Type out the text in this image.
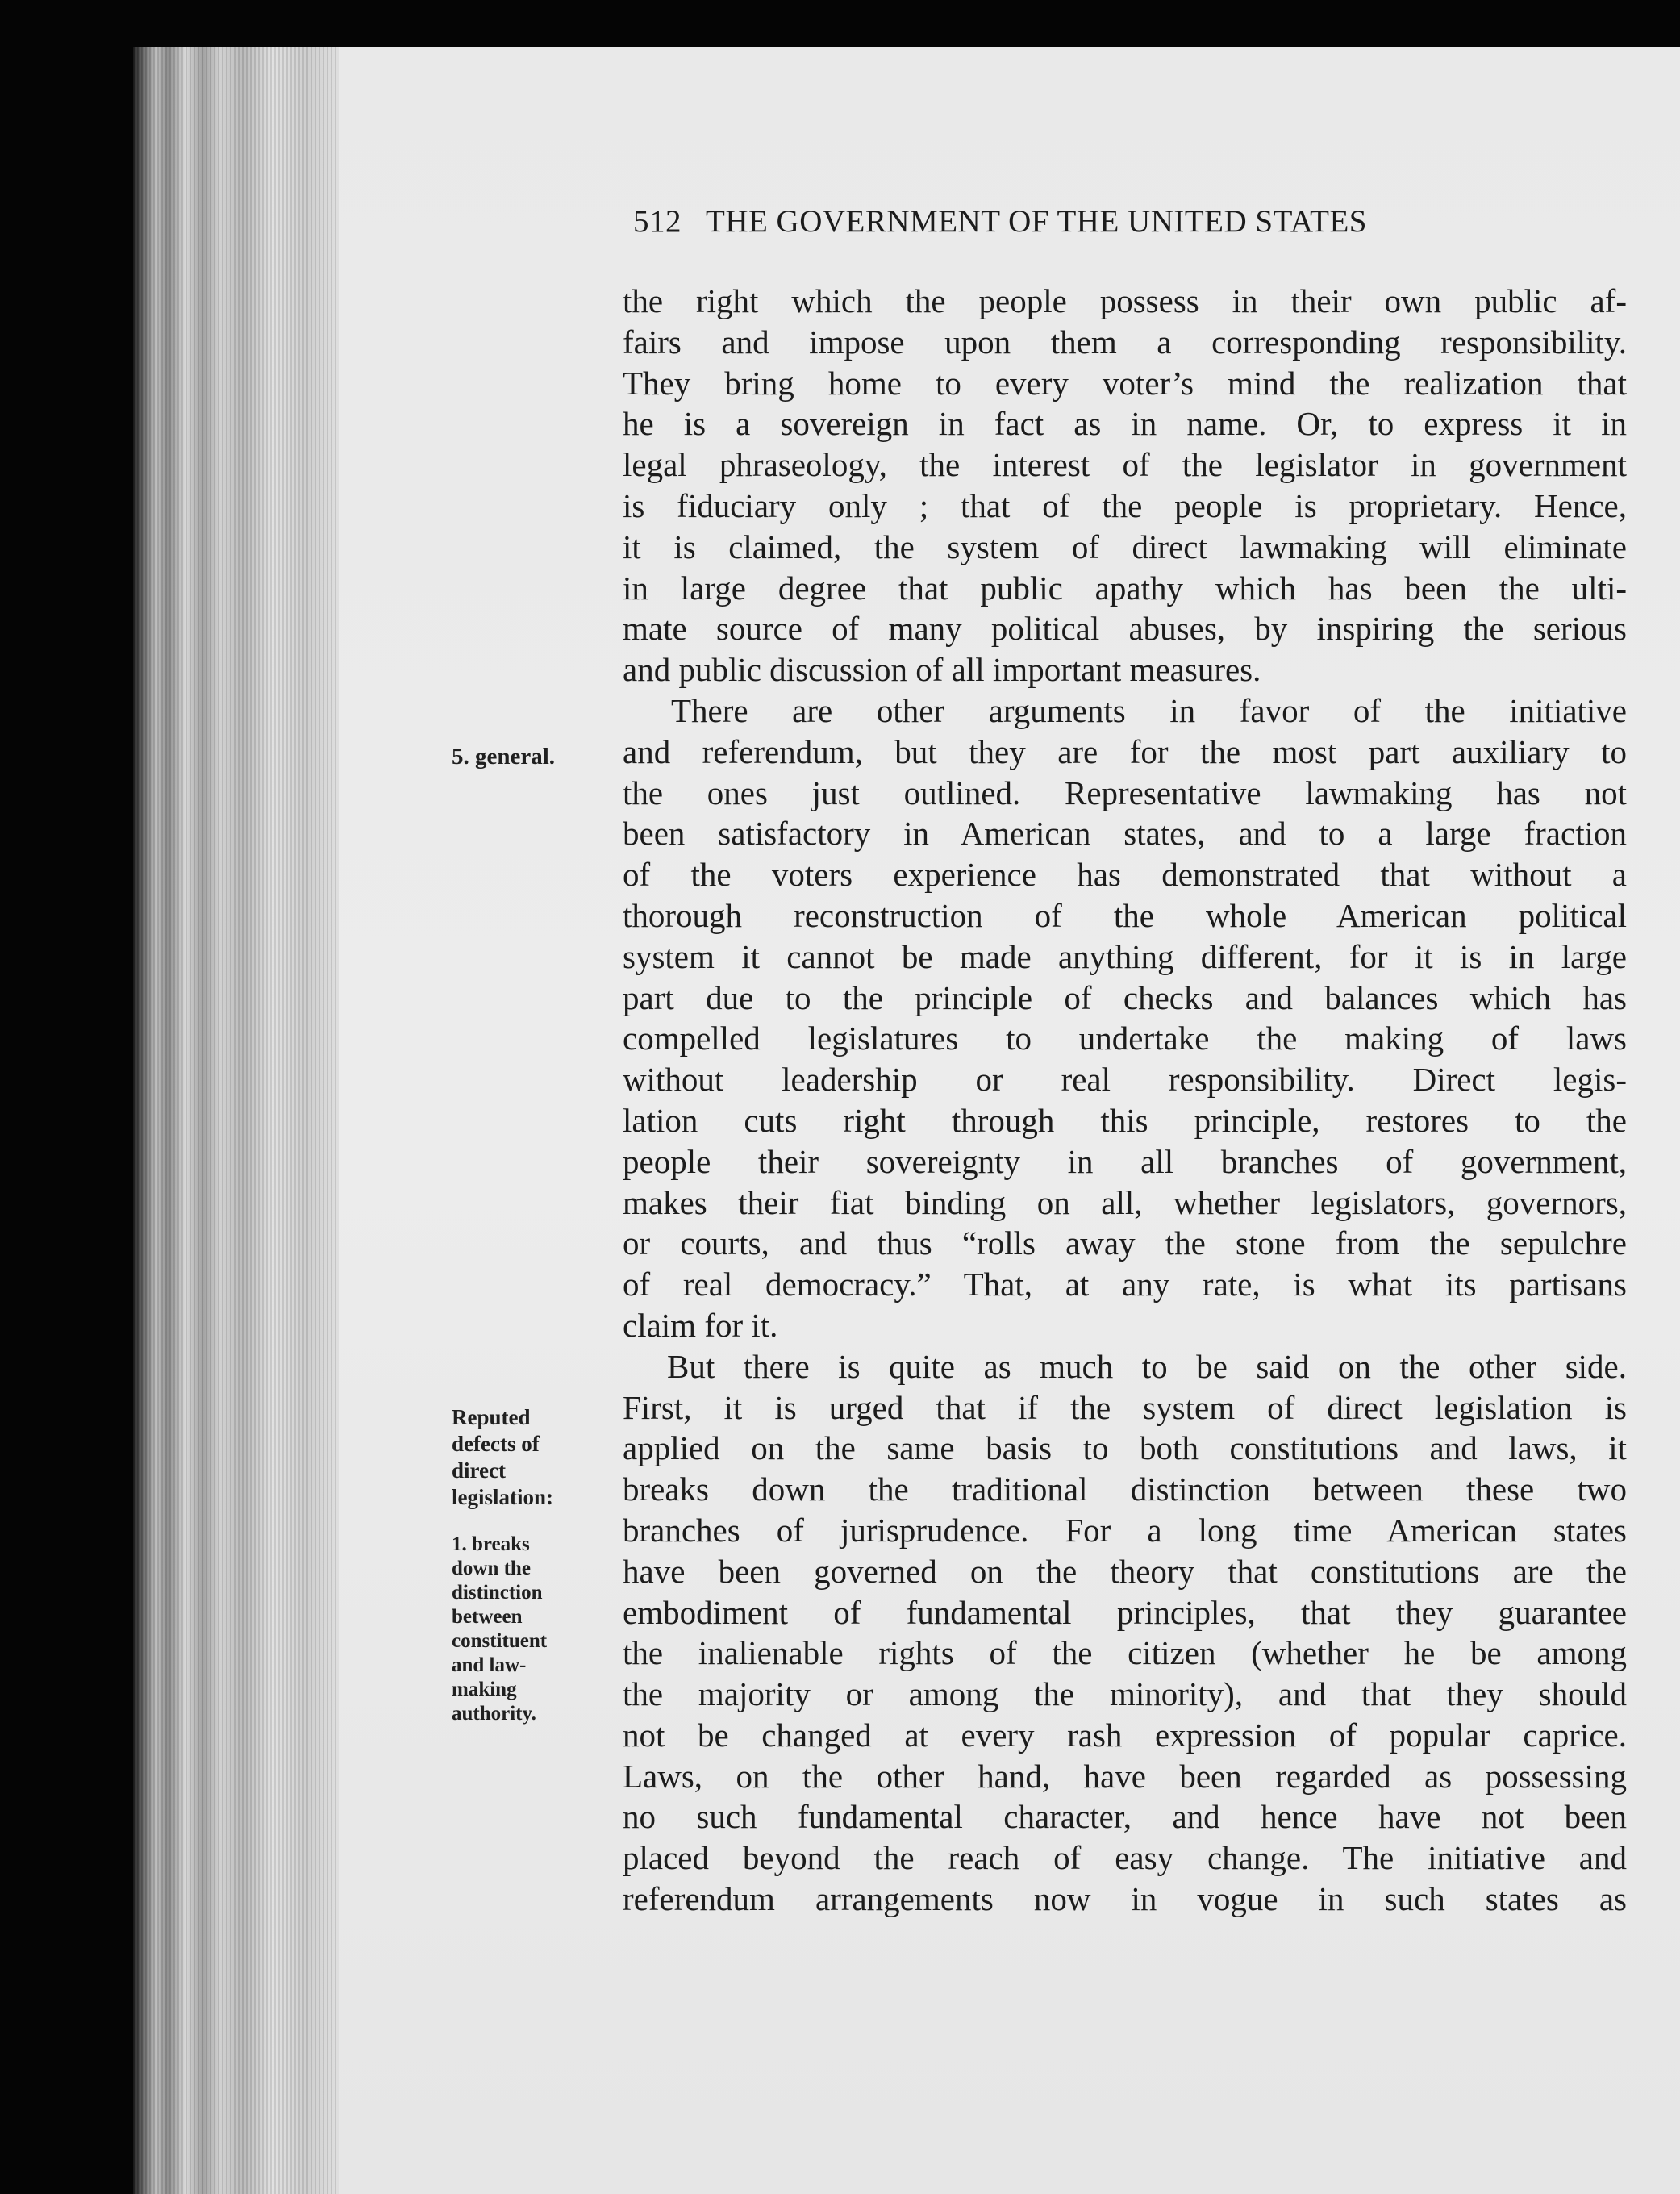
512 THE GOVERNMENT OF THE UNITED STATES
5. general.
Reputed
defects of
direct
legislation:
1. breaks
down the
distinction
between
constituent
and law-
making
authority.
the right which the people possess in their own public af-
fairs and impose upon them a corresponding responsibility.
They bring home to every voter’s mind the realization that
he is a sovereign in fact as in name. Or, to express it in
legal phraseology, the interest of the legislator in government
is fiduciary only ; that of the people is proprietary. Hence,
it is claimed, the system of direct lawmaking will eliminate
in large degree that public apathy which has been the ulti-
mate source of many political abuses, by inspiring the serious
and public discussion of all important measures.
There are other arguments in favor of the initiative
and referendum, but they are for the most part auxiliary to
the ones just outlined. Representative lawmaking has not
been satisfactory in American states, and to a large fraction
of the voters experience has demonstrated that without a
thorough reconstruction of the whole American political
system it cannot be made anything different, for it is in large
part due to the principle of checks and balances which has
compelled legislatures to undertake the making of laws
without leadership or real responsibility. Direct legis-
lation cuts right through this principle, restores to the
people their sovereignty in all branches of government,
makes their fiat binding on all, whether legislators, governors,
or courts, and thus “rolls away the stone from the sepulchre
of real democracy.” That, at any rate, is what its partisans
claim for it.
But there is quite as much to be said on the other side.
First, it is urged that if the system of direct legislation is
applied on the same basis to both constitutions and laws, it
breaks down the traditional distinction between these two
branches of jurisprudence. For a long time American states
have been governed on the theory that constitutions are the
embodiment of fundamental principles, that they guarantee
the inalienable rights of the citizen (whether he be among
the majority or among the minority), and that they should
not be changed at every rash expression of popular caprice.
Laws, on the other hand, have been regarded as possessing
no such fundamental character, and hence have not been
placed beyond the reach of easy change. The initiative and
referendum arrangements now in vogue in such states as
